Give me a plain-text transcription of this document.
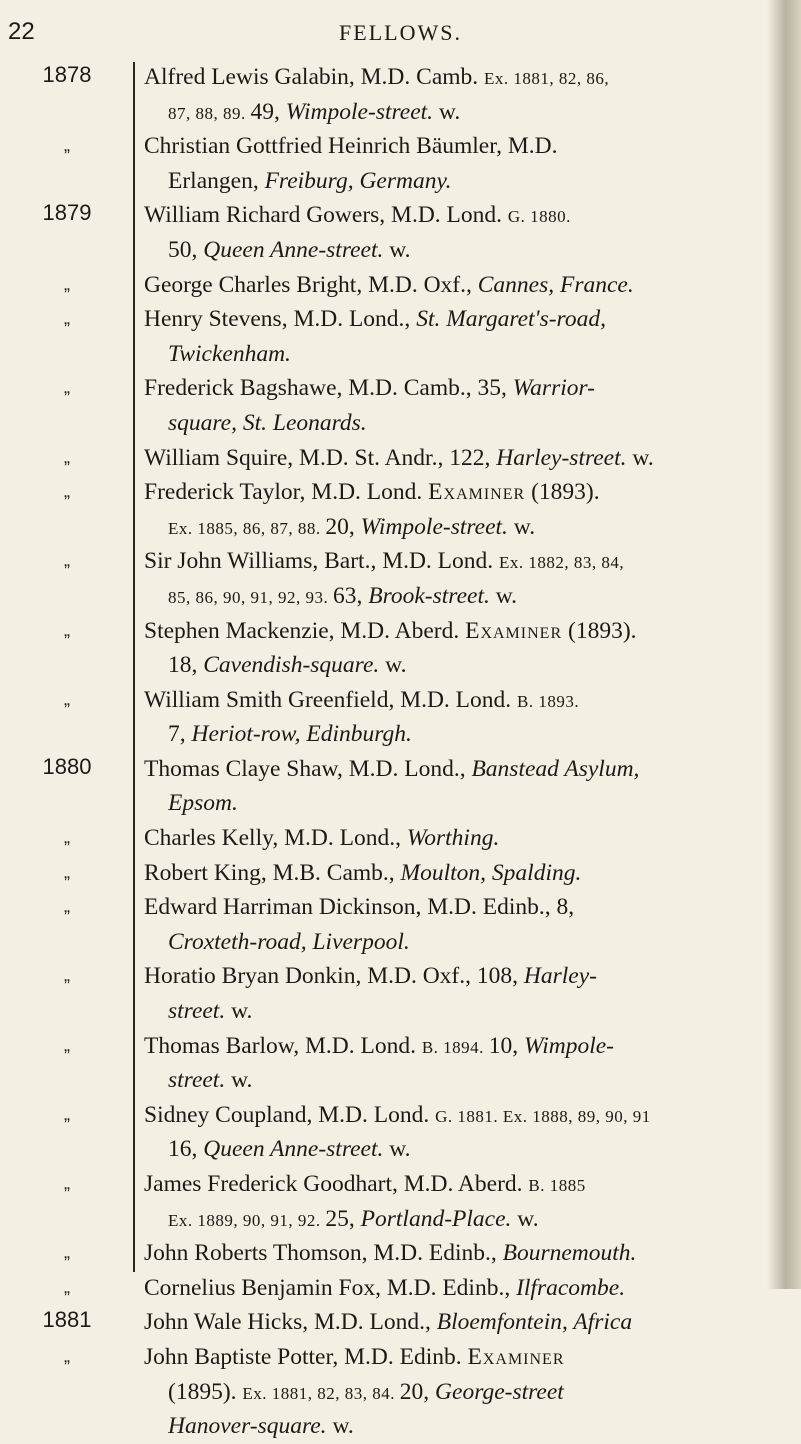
22	FELLOWS.
1878	Alfred Lewis Galabin, M.D. Camb. Ex. 1881, 82, 86,
87, 88, 89. 49, Wimpole-street. w.
„	Christian Gottfried Heinrich Bäumler, M.D.
Erlangen, Freiburg, Germany.
1879	William Richard Gowers, M.D. Lond. G. 1880.
50, Queen Anne-street. w.
„	George Charles Bright, M.D. Oxf., Cannes, France.
„	Henry Stevens, M.D. Lond., St. Margaret's-road,
Twickenham.
„	Frederick Bagshawe, M.D. Camb., 35, Warrior-
square, St. Leonards.
„	William Squire, M.D. St. Andr., 122, Harley-street. w.
„	Frederick Taylor, M.D. Lond. Examiner (1893).
Ex. 1885, 86, 87, 88. 20, Wimpole-street. w.
„	Sir John Williams, Bart., M.D. Lond. Ex. 1882, 83, 84,
85, 86, 90, 91, 92, 93. 63, Brook-street. w.
„	Stephen Mackenzie, M.D. Aberd. Examiner (1893).
18, Cavendish-square. w.
„	William Smith Greenfield, M.D. Lond. B. 1893.
7, Heriot-row, Edinburgh.
1880	Thomas Claye Shaw, M.D. Lond., Banstead Asylum,
Epsom.
„	Charles Kelly, M.D. Lond., Worthing.
„	Robert King, M.B. Camb., Moulton, Spalding.
„	Edward Harriman Dickinson, M.D. Edinb., 8,
Croxteth-road, Liverpool.
„	Horatio Bryan Donkin, M.D. Oxf., 108, Harley-
street. w.
„	Thomas Barlow, M.D. Lond. B. 1894. 10, Wimpole-
street. w.
„	Sidney Coupland, M.D. Lond. G. 1881. Ex. 1888, 89, 90, 91
16, Queen Anne-street. w.
„	James Frederick Goodhart, M.D. Aberd. B. 1885
Ex. 1889, 90, 91, 92. 25, Portland-Place. w.
„	John Roberts Thomson, M.D. Edinb., Bournemouth.
„	Cornelius Benjamin Fox, M.D. Edinb., Ilfracombe.
1881	John Wale Hicks, M.D. Lond., Bloemfontein, Africa
„	John Baptiste Potter, M.D. Edinb. Examiner
(1895). Ex. 1881, 82, 83, 84. 20, George-street
Hanover-square. w.
